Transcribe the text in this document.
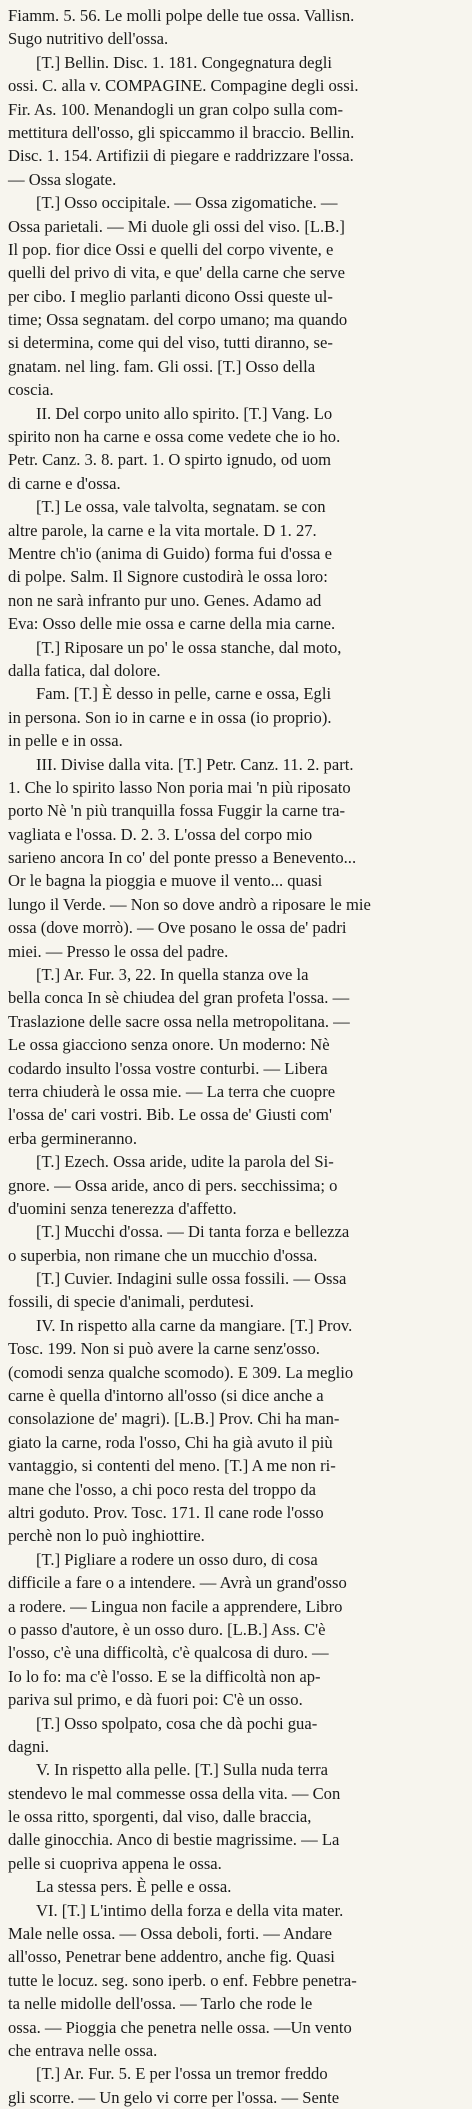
Fiamm. 5. 56. Le molli polpe delle tue ossa. Vallisn.
Sugo nutritivo dell'ossa.
[T.] Bellin. Disc. 1. 181. Congegnatura degli
ossi. C. alla v. COMPAGINE. Compagine degli ossi.
Fir. As. 100. Menandogli un gran colpo sulla com-
mettitura dell'osso, gli spiccammo il braccio. Bellin.
Disc. 1. 154. Artifizii di piegare e raddrizzare l'ossa.
— Ossa slogate.
[T.] Osso occipitale. — Ossa zigomatiche. —
Ossa parietali. — Mi duole gli ossi del viso. [L.B.]
Il pop. fior dice Ossi e quelli del corpo vivente, e
quelli del privo di vita, e que' della carne che serve
per cibo. I meglio parlanti dicono Ossi queste ul-
time; Ossa segnatam. del corpo umano; ma quando
si determina, come qui del viso, tutti diranno, se-
gnatam. nel ling. fam. Gli ossi. [T.] Osso della
coscia.
II. Del corpo unito allo spirito. [T.] Vang. Lo
spirito non ha carne e ossa come vedete che io ho.
Petr. Canz. 3. 8. part. 1. O spirto ignudo, od uom
di carne e d'ossa.
[T.] Le ossa, vale talvolta, segnatam. se con
altre parole, la carne e la vita mortale. D 1. 27.
Mentre ch'io (anima di Guido) forma fui d'ossa e
di polpe. Salm. Il Signore custodirà le ossa loro:
non ne sarà infranto pur uno. Genes. Adamo ad
Eva: Osso delle mie ossa e carne della mia carne.
[T.] Riposare un po' le ossa stanche, dal moto,
dalla fatica, dal dolore.
Fam. [T.] È desso in pelle, carne e ossa, Egli
in persona. Son io in carne e in ossa (io proprio).
in pelle e in ossa.
III. Divise dalla vita. [T.] Petr. Canz. 11. 2. part.
1. Che lo spirito lasso Non poria mai 'n più riposato
porto Nè 'n più tranquilla fossa Fuggir la carne tra-
vagliata e l'ossa. D. 2. 3. L'ossa del corpo mio
sarieno ancora In co' del ponte presso a Benevento...
Or le bagna la pioggia e muove il vento... quasi
lungo il Verde. — Non so dove andrò a riposare le mie
ossa (dove morrò). — Ove posano le ossa de' padri
miei. — Presso le ossa del padre.
[T.] Ar. Fur. 3, 22. In quella stanza ove la
bella conca In sè chiudea del gran profeta l'ossa. —
Traslazione delle sacre ossa nella metropolitana. —
Le ossa giacciono senza onore. Un moderno: Nè
codardo insulto l'ossa vostre conturbi. — Libera
terra chiuderà le ossa mie. — La terra che cuopre
l'ossa de' cari vostri. Bib. Le ossa de' Giusti com'
erba germineranno.
[T.] Ezech. Ossa aride, udite la parola del Si-
gnore. — Ossa aride, anco di pers. secchissima; o
d'uomini senza tenerezza d'affetto.
[T.] Mucchi d'ossa. — Di tanta forza e bellezza
o superbia, non rimane che un mucchio d'ossa.
[T.] Cuvier. Indagini sulle ossa fossili. — Ossa
fossili, di specie d'animali, perdutesi.
IV. In rispetto alla carne da mangiare. [T.] Prov.
Tosc. 199. Non si può avere la carne senz'osso.
(comodi senza qualche scomodo). E 309. La meglio
carne è quella d'intorno all'osso (si dice anche a
consolazione de' magri). [L.B.] Prov. Chi ha man-
giato la carne, roda l'osso, Chi ha già avuto il più
vantaggio, si contenti del meno. [T.] A me non ri-
mane che l'osso, a chi poco resta del troppo da
altri goduto. Prov. Tosc. 171. Il cane rode l'osso
perchè non lo può inghiottire.
[T.] Pigliare a rodere un osso duro, di cosa
difficile a fare o a intendere. — Avrà un grand'osso
a rodere. — Lingua non facile a apprendere, Libro
o passo d'autore, è un osso duro. [L.B.] Ass. C'è
l'osso, c'è una difficoltà, c'è qualcosa di duro. —
Io lo fo: ma c'è l'osso. E se la difficoltà non ap-
pariva sul primo, e dà fuori poi: C'è un osso.
[T.] Osso spolpato, cosa che dà pochi gua-
dagni.
V. In rispetto alla pelle. [T.] Sulla nuda terra
stendevo le mal commesse ossa della vita. — Con
le ossa ritto, sporgenti, dal viso, dalle braccia,
dalle ginocchia. Anco di bestie magrissime. — La
pelle si cuopriva appena le ossa.
La stessa pers. È pelle e ossa.
VI. [T.] L'intimo della forza e della vita mater.
Male nelle ossa. — Ossa deboli, forti. — Andare
all'osso, Penetrar bene addentro, anche fig. Quasi
tutte le locuz. seg. sono iperb. o enf. Febbre penetra-
ta nelle midolle dell'ossa. — Tarlo che rode le
ossa. — Pioggia che penetra nelle ossa. —Un vento
che entrava nelle ossa.
[T.] Ar. Fur. 5. E per l'ossa un tremor freddo
gli scorre. — Un gelo vi corre per l'ossa. — Sente
